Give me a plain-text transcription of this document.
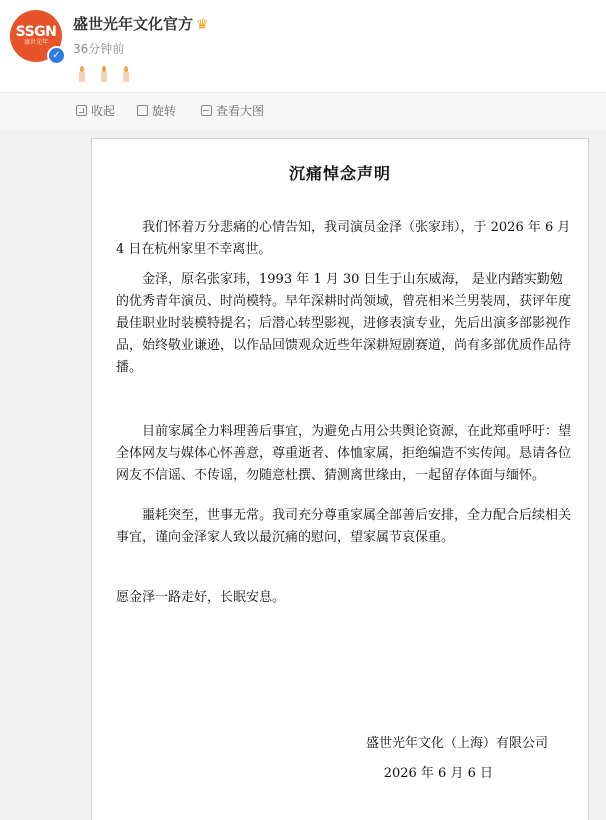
SSGN
盛世光年
✓
盛世光年文化官方 ♛
36分钟前
收起	旋转	查看大图
沉痛悼念声明

我们怀着万分悲痛的心情告知，我司演员金泽（张家玮），于 2026 年 6 月 4 日在杭州家里不幸离世。

金泽，原名张家玮，1993 年 1 月 30 日生于山东威海， 是业内踏实勤勉的优秀青年演员、时尚模特。早年深耕时尚领域，曾亮相米兰男装周，获评年度最佳职业时装模特提名；后潜心转型影视，进修表演专业，先后出演多部影视作品，始终敬业谦逊，以作品回馈观众近些年深耕短剧赛道，尚有多部优质作品待播。

目前家属全力料理善后事宜，为避免占用公共舆论资源，在此郑重呼吁：望全体网友与媒体心怀善意，尊重逝者、体恤家属，拒绝编造不实传闻。恳请各位网友不信谣、不传谣，勿随意杜撰、猜测离世缘由，一起留存体面与缅怀。

噩耗突至，世事无常。我司充分尊重家属全部善后安排，全力配合后续相关事宜，谨向金泽家人致以最沉痛的慰问，望家属节哀保重。

愿金泽一路走好，长眠安息。

盛世光年文化（上海）有限公司
2026 年 6 月 6 日
